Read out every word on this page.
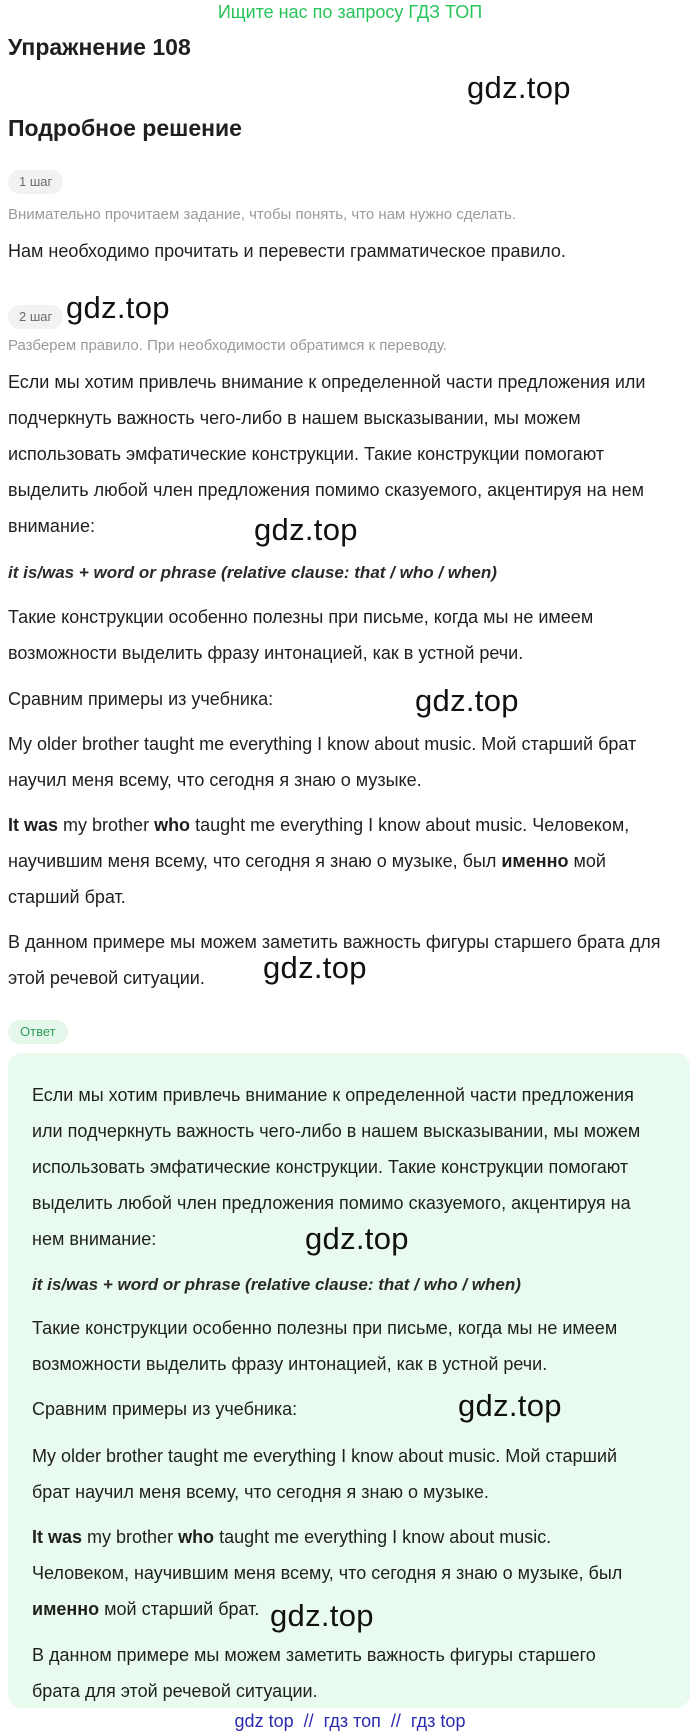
Ищите нас по запросу ГДЗ ТОП
Упражнение 108
gdz.top
Подробное решение
1 шаг
Внимательно прочитаем задание, чтобы понять, что нам нужно сделать.
Нам необходимо прочитать и перевести грамматическое правило.
2 шаг gdz.top
Разберем правило. При необходимости обратимся к переводу.
Если мы хотим привлечь внимание к определенной части предложения или
подчеркнуть важность чего-либо в нашем высказывании, мы можем
использовать эмфатические конструкции. Такие конструкции помогают
выделить любой член предложения помимо сказуемого, акцентируя на нем
внимание:	gdz.top
it is/was + word or phrase (relative clause: that / who / when)
Такие конструкции особенно полезны при письме, когда мы не имеем
возможности выделить фразу интонацией, как в устной речи.
Сравним примеры из учебника:	gdz.top
My older brother taught me everything I know about music. Мой старший брат
научил меня всему, что сегодня я знаю о музыке.
It was my brother who taught me everything I know about music. Человеком,
научившим меня всему, что сегодня я знаю о музыке, был именно мой
старший брат.
В данном примере мы можем заметить важность фигуры старшего брата для
этой речевой ситуации.	gdz.top
Ответ
Если мы хотим привлечь внимание к определенной части предложения
или подчеркнуть важность чего-либо в нашем высказывании, мы можем
использовать эмфатические конструкции. Такие конструкции помогают
выделить любой член предложения помимо сказуемого, акцентируя на
нем внимание:	gdz.top
it is/was + word or phrase (relative clause: that / who / when)
Такие конструкции особенно полезны при письме, когда мы не имеем
возможности выделить фразу интонацией, как в устной речи.
Сравним примеры из учебника:	gdz.top
My older brother taught me everything I know about music. Мой старший
брат научил меня всему, что сегодня я знаю о музыке.
It was my brother who taught me everything I know about music.
Человеком, научившим меня всему, что сегодня я знаю о музыке, был
именно мой старший брат. gdz.top
В данном примере мы можем заметить важность фигуры старшего
брата для этой речевой ситуации.
gdz top  //  гдз топ  //  гдз top
